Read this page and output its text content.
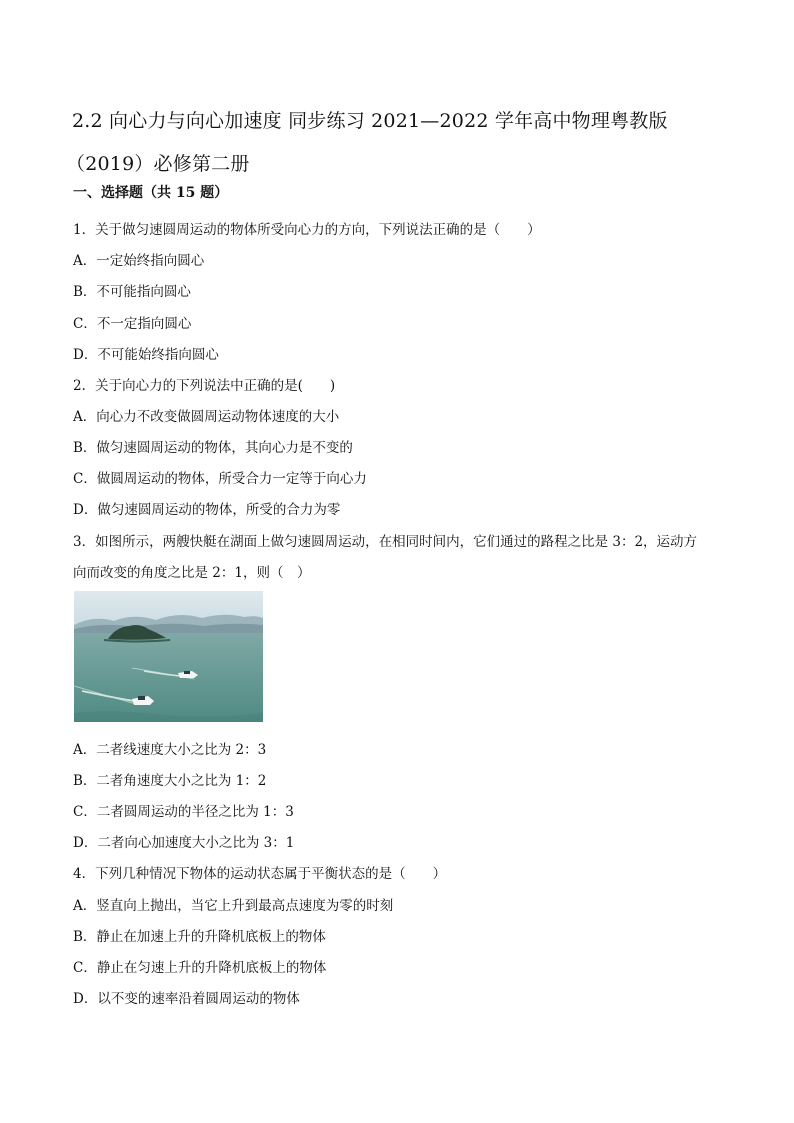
2.2 向心力与向心加速度 同步练习 2021—2022 学年高中物理粤教版
（2019）必修第二册
一、选择题（共 15 题）
1．关于做匀速圆周运动的物体所受向心力的方向，下列说法正确的是（　　）
A．一定始终指向圆心
B．不可能指向圆心
C．不一定指向圆心
D．不可能始终指向圆心
2．关于向心力的下列说法中正确的是(　　)
A．向心力不改变做圆周运动物体速度的大小
B．做匀速圆周运动的物体，其向心力是不变的
C．做圆周运动的物体，所受合力一定等于向心力
D．做匀速圆周运动的物体，所受的合力为零
3．如图所示，两艘快艇在湖面上做匀速圆周运动，在相同时间内，它们通过的路程之比是 3：2，运动方
向而改变的角度之比是 2：1，则（　）
A．二者线速度大小之比为 2：3
B．二者角速度大小之比为 1：2
C．二者圆周运动的半径之比为 1：3
D．二者向心加速度大小之比为 3：1
4．下列几种情况下物体的运动状态属于平衡状态的是（　　）
A．竖直向上抛出，当它上升到最高点速度为零的时刻
B．静止在加速上升的升降机底板上的物体
C．静止在匀速上升的升降机底板上的物体
D．以不变的速率沿着圆周运动的物体
